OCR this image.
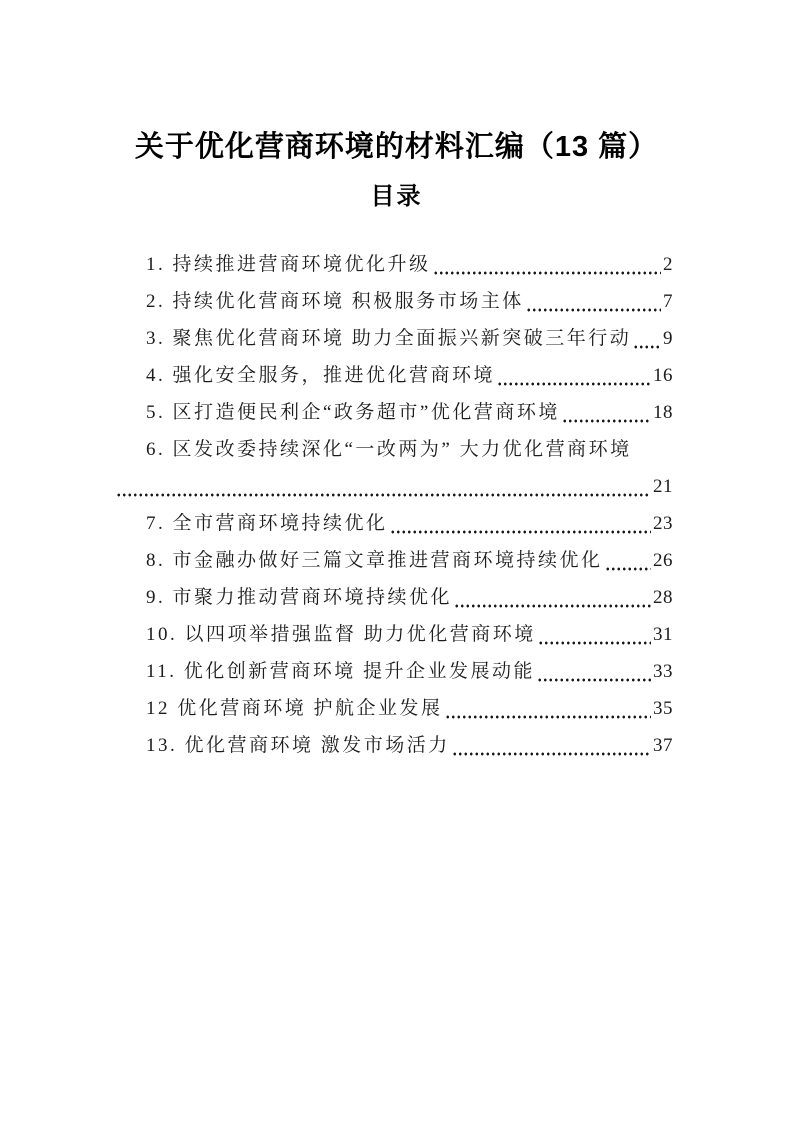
关于优化营商环境的材料汇编（13 篇）
目录
1. 持续推进营商环境优化升级	2
2. 持续优化营商环境 积极服务市场主体	7
3. 聚焦优化营商环境 助力全面振兴新突破三年行动 9
4. 强化安全服务，推进优化营商环境	16
5. 区打造便民利企“政务超市”优化营商环境	18
6. 区发改委持续深化“一改两为” 大力优化营商环境
21
7. 全市营商环境持续优化	23
8. 市金融办做好三篇文章推进营商环境持续优化	26
9. 市聚力推动营商环境持续优化	28
10. 以四项举措强监督 助力优化营商环境	31
11. 优化创新营商环境 提升企业发展动能	33
12 优化营商环境 护航企业发展	35
13. 优化营商环境 激发市场活力	37
